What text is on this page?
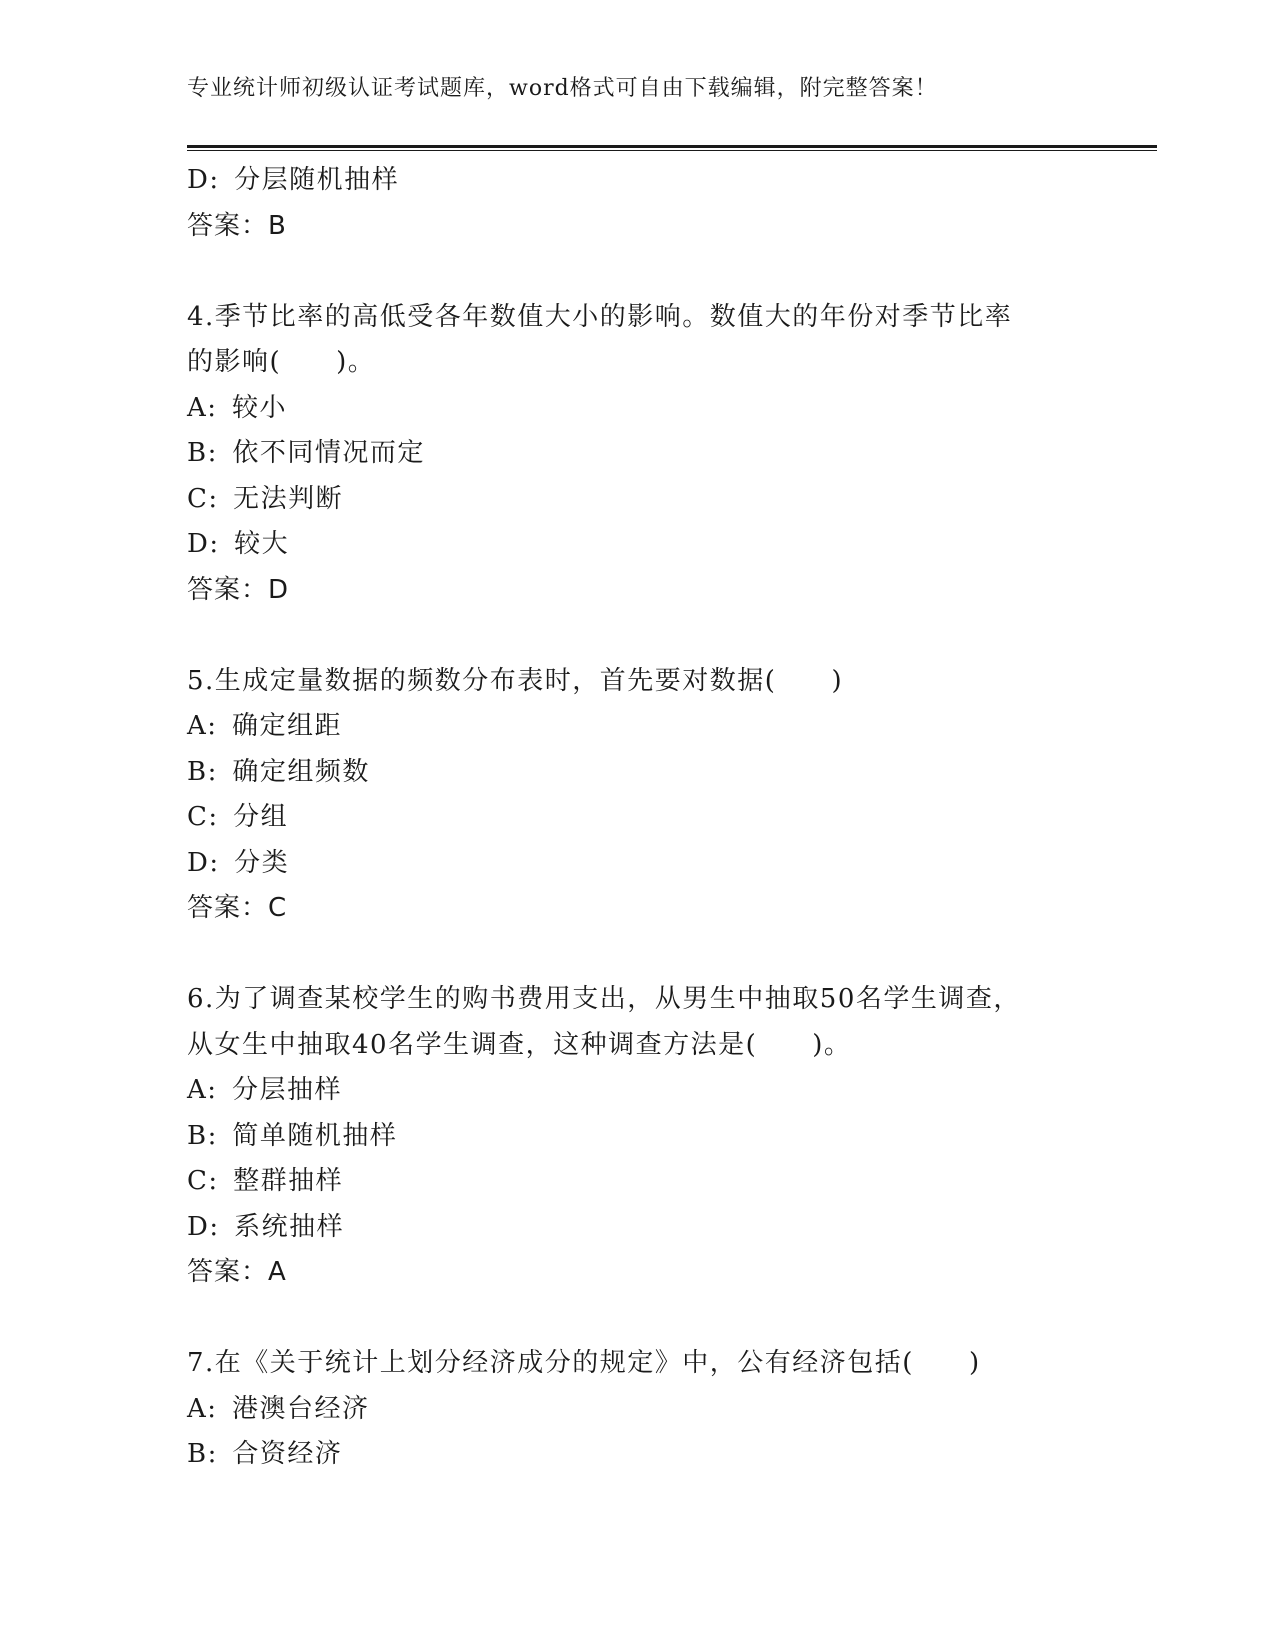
专业统计师初级认证考试题库，word格式可自由下载编辑，附完整答案！
D:  分层随机抽样
答案：B
4.季节比率的高低受各年数值大小的影响。数值大的年份对季节比率
的影响(　　)。
A:  较小
B:  依不同情况而定
C:  无法判断
D:  较大
答案：D
5.生成定量数据的频数分布表时，首先要对数据(　　)
A:  确定组距
B:  确定组频数
C:  分组
D:  分类
答案：C
6.为了调查某校学生的购书费用支出，从男生中抽取50名学生调查，
从女生中抽取40名学生调查，这种调查方法是(　　)。
A:  分层抽样
B:  简单随机抽样
C:  整群抽样
D:  系统抽样
答案：A
7.在《关于统计上划分经济成分的规定》中，公有经济包括(　　)
A:  港澳台经济
B:  合资经济
